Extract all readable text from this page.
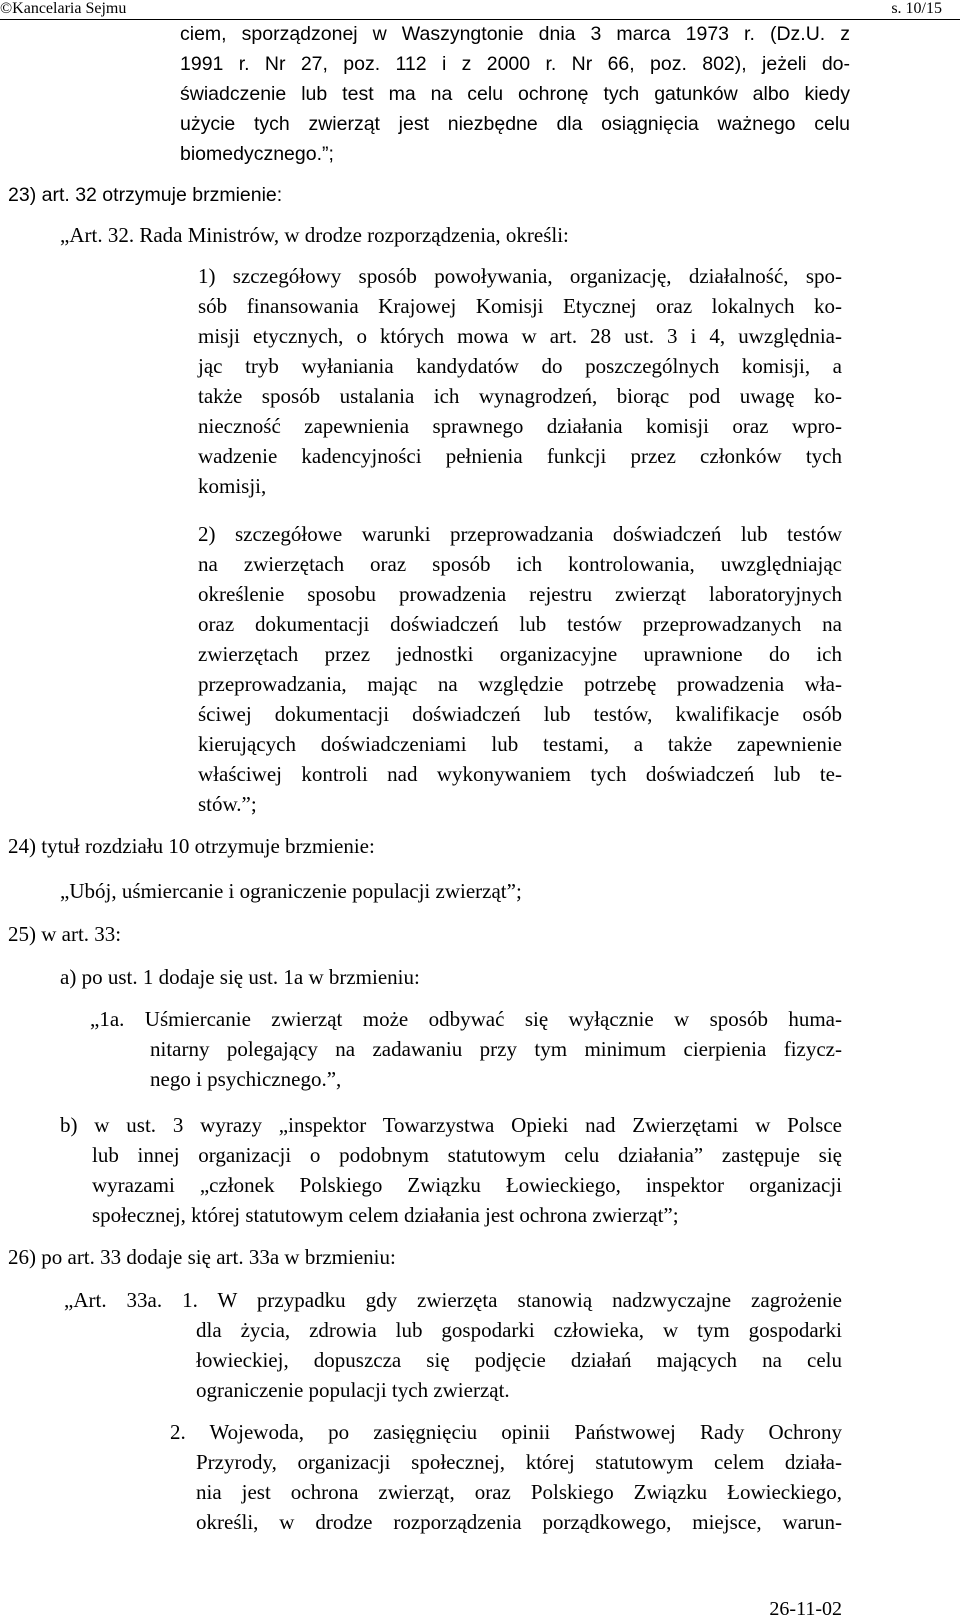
©Kancelaria Sejmu	s. 10/15
ciem, sporządzonej w Waszyngtonie dnia 3 marca 1973 r. (Dz.U. z
1991 r. Nr 27, poz. 112 i z 2000 r. Nr 66, poz. 802), jeżeli do-
świadczenie lub test ma na celu ochronę tych gatunków albo kiedy
użycie tych zwierząt jest niezbędne dla osiągnięcia ważnego celu
biomedycznego.”;
23) art. 32 otrzymuje brzmienie:
„Art. 32. Rada Ministrów, w drodze rozporządzenia, określi:
1) szczegółowy sposób powoływania, organizację, działalność, spo-
sób finansowania Krajowej Komisji Etycznej oraz lokalnych ko-
misji etycznych, o których mowa w art. 28 ust. 3 i 4, uwzględnia-
jąc tryb wyłaniania kandydatów do poszczególnych komisji, a
także sposób ustalania ich wynagrodzeń, biorąc pod uwagę ko-
nieczność zapewnienia sprawnego działania komisji oraz wpro-
wadzenie kadencyjności pełnienia funkcji przez członków tych
komisji,
2) szczegółowe warunki przeprowadzania doświadczeń lub testów
na zwierzętach oraz sposób ich kontrolowania, uwzględniając
określenie sposobu prowadzenia rejestru zwierząt laboratoryjnych
oraz dokumentacji doświadczeń lub testów przeprowadzanych na
zwierzętach przez jednostki organizacyjne uprawnione do ich
przeprowadzania, mając na względzie potrzebę prowadzenia wła-
ściwej dokumentacji doświadczeń lub testów, kwalifikacje osób
kierujących doświadczeniami lub testami, a także zapewnienie
właściwej kontroli nad wykonywaniem tych doświadczeń lub te-
stów.”;
24) tytuł rozdziału 10 otrzymuje brzmienie:
„Ubój, uśmiercanie i ograniczenie populacji zwierząt”;
25) w art. 33:
a) po ust. 1 dodaje się ust. 1a w brzmieniu:
„1a. Uśmiercanie zwierząt może odbywać się wyłącznie w sposób huma-
nitarny polegający na zadawaniu przy tym minimum cierpienia fizycz-
nego i psychicznego.”,
b) w ust. 3 wyrazy „inspektor Towarzystwa Opieki nad Zwierzętami w Polsce
lub innej organizacji o podobnym statutowym celu działania” zastępuje się
wyrazami „członek Polskiego Związku Łowieckiego, inspektor organizacji
społecznej, której statutowym celem działania jest ochrona zwierząt”;
26) po art. 33 dodaje się art. 33a w brzmieniu:
„Art. 33a. 1. W przypadku gdy zwierzęta stanowią nadzwyczajne zagrożenie
dla życia, zdrowia lub gospodarki człowieka, w tym gospodarki
łowieckiej, dopuszcza się podjęcie działań mających na celu
ograniczenie populacji tych zwierząt.
2. Wojewoda, po zasięgnięciu opinii Państwowej Rady Ochrony
Przyrody, organizacji społecznej, której statutowym celem działa-
nia jest ochrona zwierząt, oraz Polskiego Związku Łowieckiego,
określi, w drodze rozporządzenia porządkowego, miejsce, warun-
26-11-02
